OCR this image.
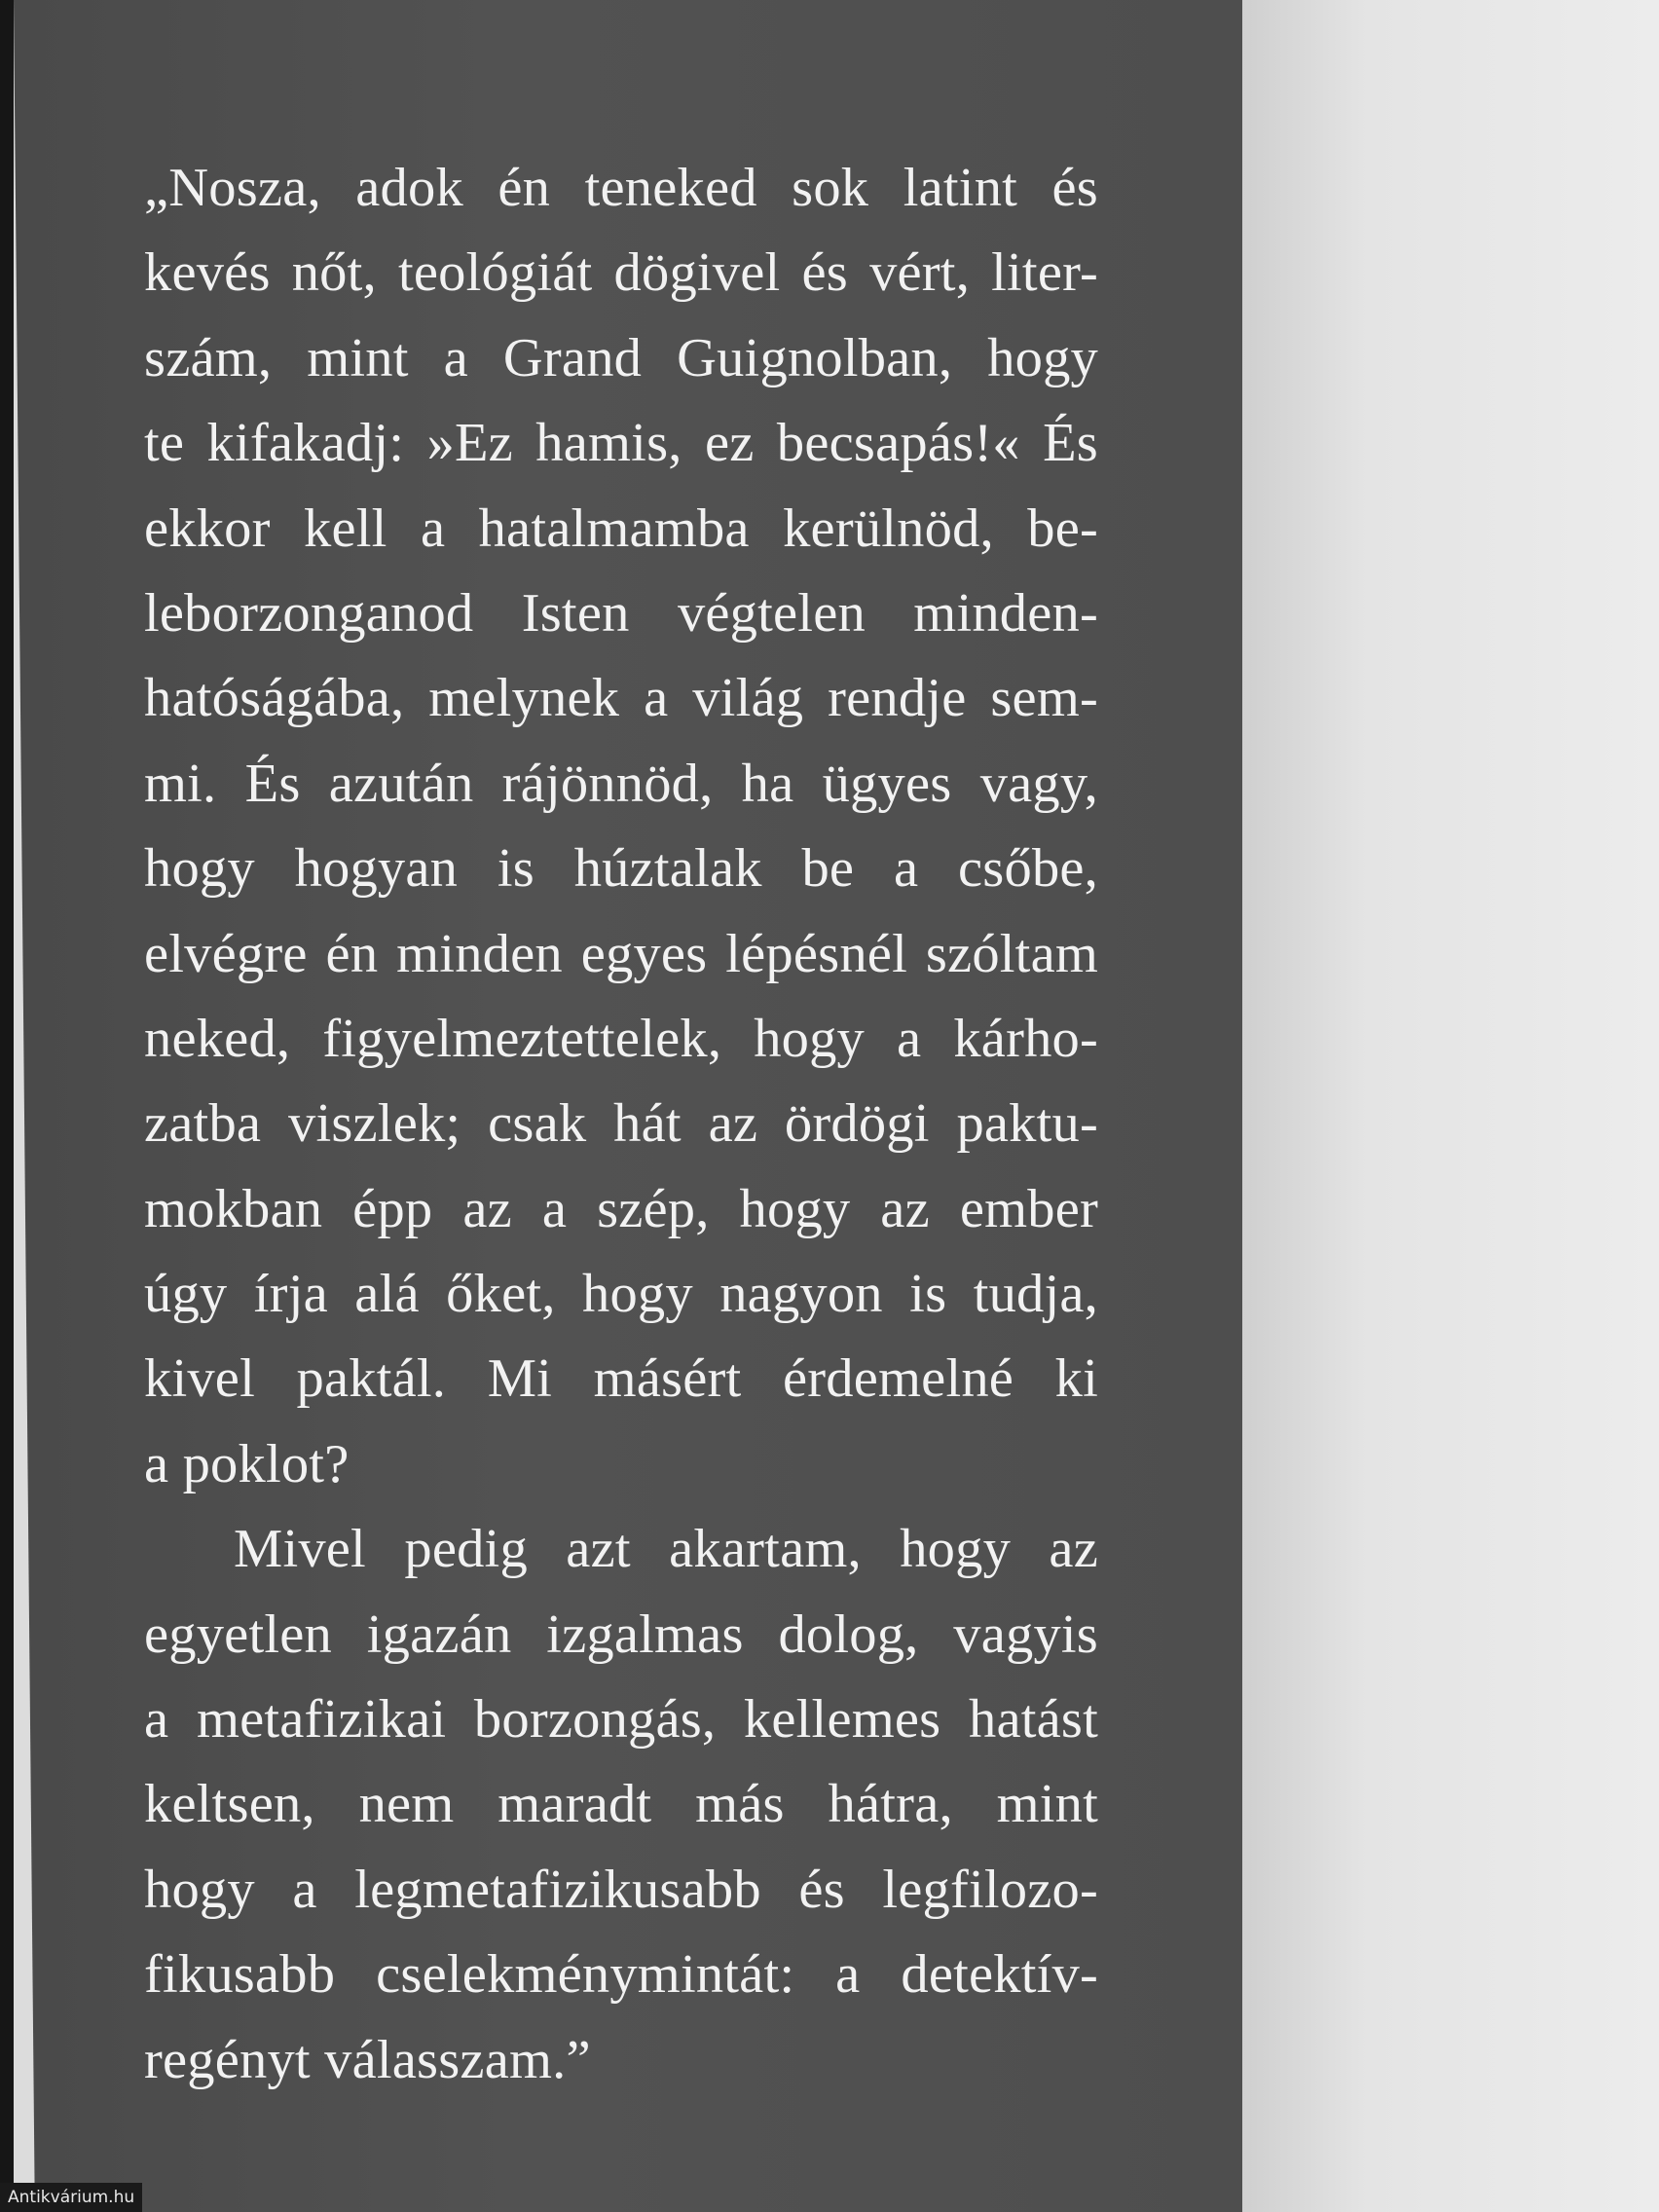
„Nosza, adok én teneked sok latint és
kevés nőt, teológiát dögivel és vért, liter-
szám, mint a Grand Guignolban, hogy
te kifakadj: »Ez hamis, ez becsapás!« És
ekkor kell a hatalmamba kerülnöd, be-
leborzonganod Isten végtelen minden-
hatóságába, melynek a világ rendje sem-
mi. És azután rájönnöd, ha ügyes vagy,
hogy hogyan is húztalak be a csőbe,
elvégre én minden egyes lépésnél szóltam
neked, figyelmeztettelek, hogy a kárho-
zatba viszlek; csak hát az ördögi paktu-
mokban épp az a szép, hogy az ember
úgy írja alá őket, hogy nagyon is tudja,
kivel paktál. Mi másért érdemelné ki
a poklot?
Mivel pedig azt akartam, hogy az
egyetlen igazán izgalmas dolog, vagyis
a metafizikai borzongás, kellemes hatást
keltsen, nem maradt más hátra, mint
hogy a legmetafizikusabb és legfilozo-
fikusabb cselekménymintát: a detektív-
regényt válasszam.”
Antikvárium.hu
